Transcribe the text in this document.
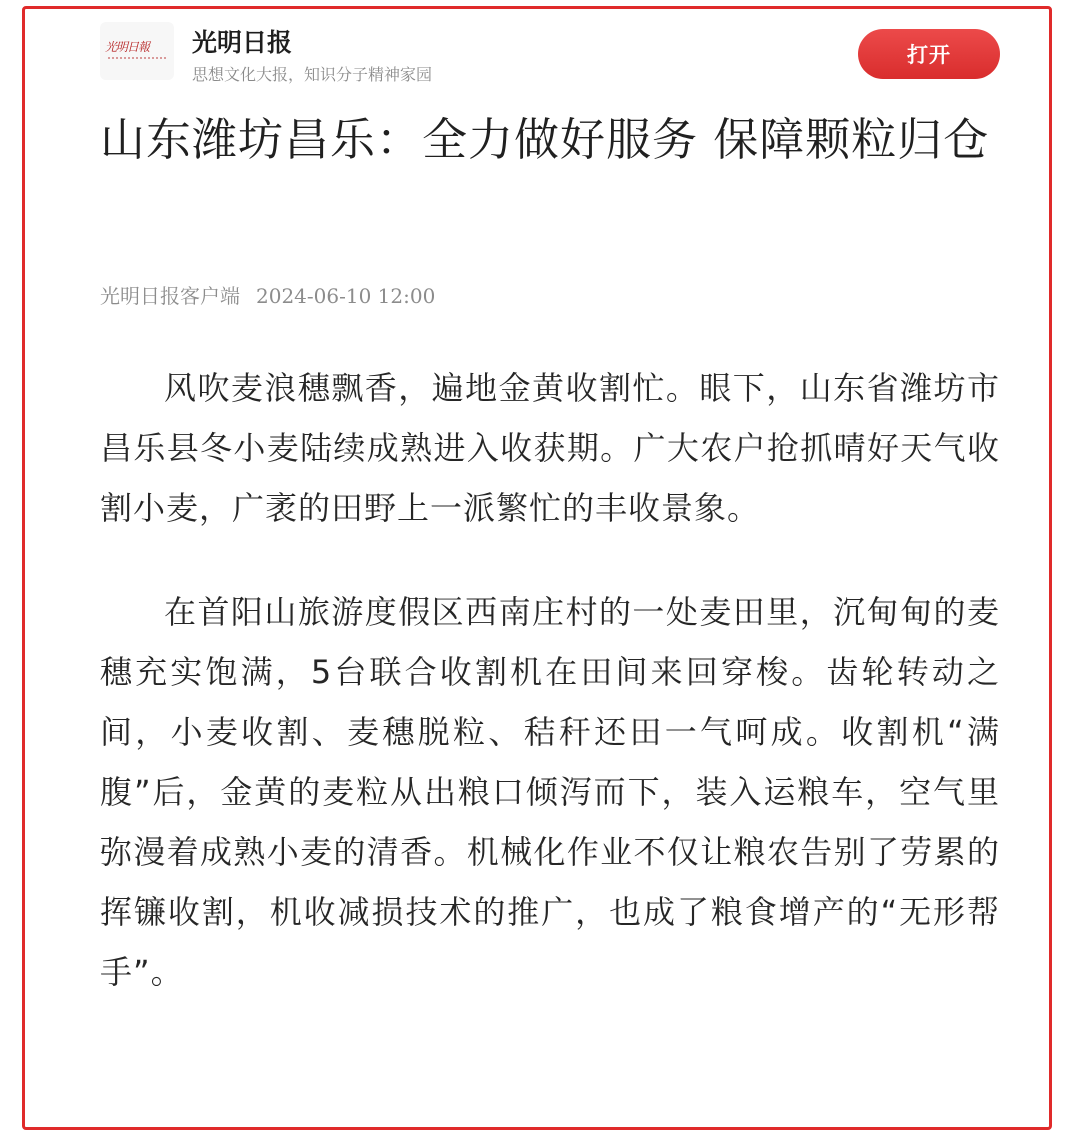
光明日報 光明日报
思想文化大报，知识分子精神家园
打开
山东潍坊昌乐：全力做好服务 保障颗粒归仓
光明日报客户端 2024-06-10 12:00

风吹麦浪穗飘香，遍地金黄收割忙。眼下，山东省潍坊市昌乐县冬小麦陆续成熟进入收获期。广大农户抢抓晴好天气收割小麦，广袤的田野上一派繁忙的丰收景象。

在首阳山旅游度假区西南庄村的一处麦田里，沉甸甸的麦穗充实饱满，5台联合收割机在田间来回穿梭。齿轮转动之间，小麦收割、麦穗脱粒、秸秆还田一气呵成。收割机“满腹”后，金黄的麦粒从出粮口倾泻而下，装入运粮车，空气里弥漫着成熟小麦的清香。机械化作业不仅让粮农告别了劳累的挥镰收割，机收减损技术的推广，也成了粮食增产的“无形帮手”。
